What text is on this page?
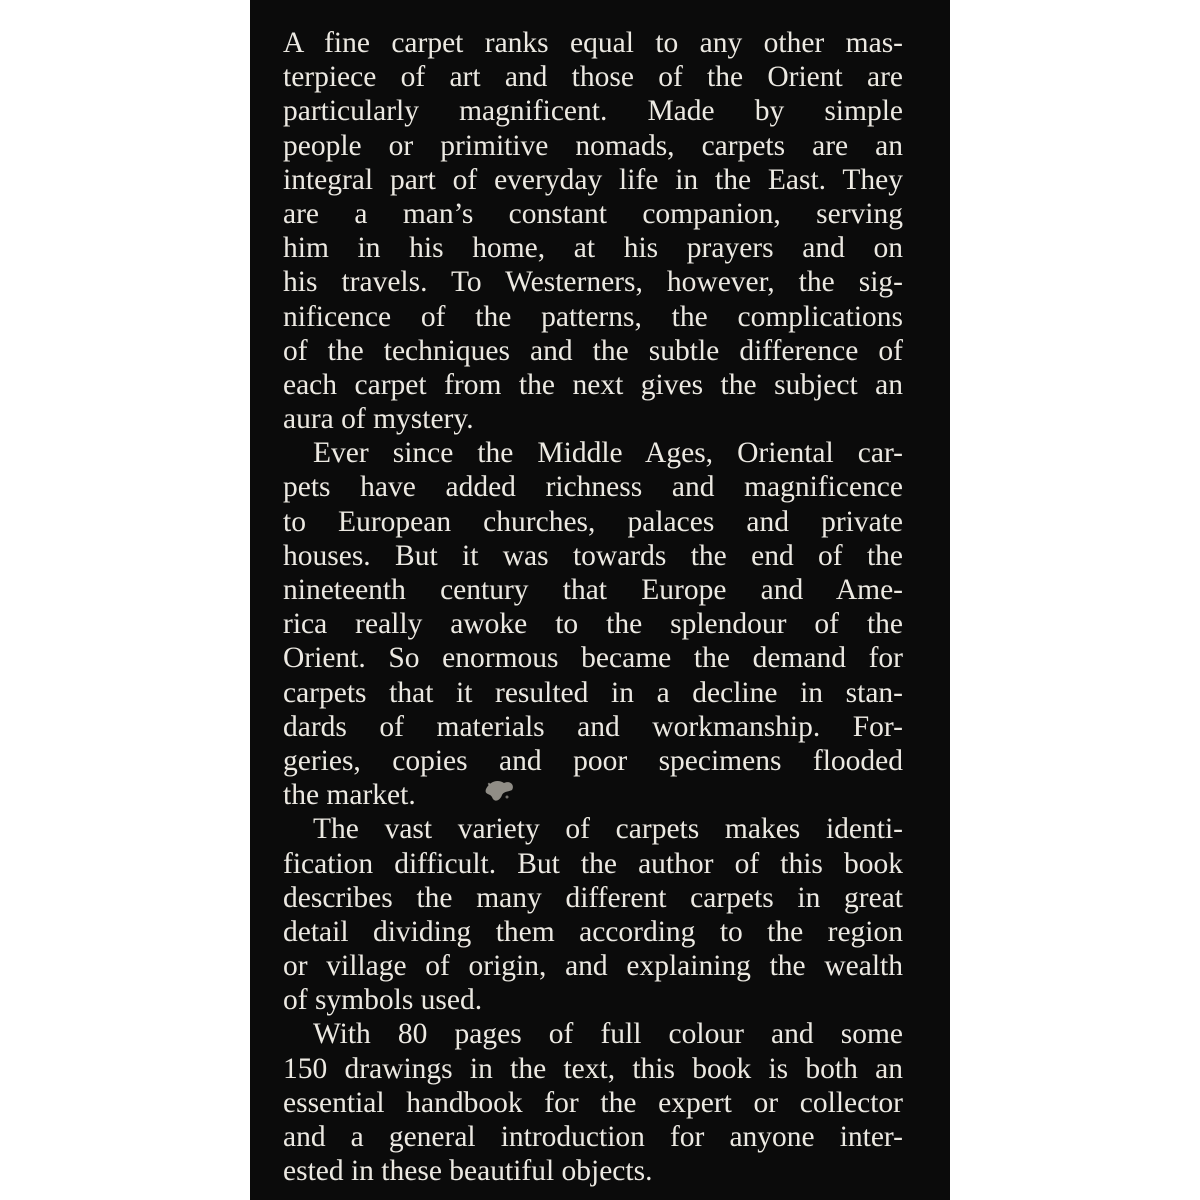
A fine carpet ranks equal to any other mas-
terpiece of art and those of the Orient are
particularly magnificent. Made by simple
people or primitive nomads, carpets are an
integral part of everyday life in the East. They
are a man’s constant companion, serving
him in his home, at his prayers and on
his travels. To Westerners, however, the sig-
nificence of the patterns, the complications
of the techniques and the subtle difference of
each carpet from the next gives the subject an
aura of mystery.
Ever since the Middle Ages, Oriental car-
pets have added richness and magnificence
to European churches, palaces and private
houses. But it was towards the end of the
nineteenth century that Europe and Ame-
rica really awoke to the splendour of the
Orient. So enormous became the demand for
carpets that it resulted in a decline in stan-
dards of materials and workmanship. For-
geries, copies and poor specimens flooded
the market.
The vast variety of carpets makes identi-
fication difficult. But the author of this book
describes the many different carpets in great
detail dividing them according to the region
or village of origin, and explaining the wealth
of symbols used.
With 80 pages of full colour and some
150 drawings in the text, this book is both an
essential handbook for the expert or collector
and a general introduction for anyone inter-
ested in these beautiful objects.
